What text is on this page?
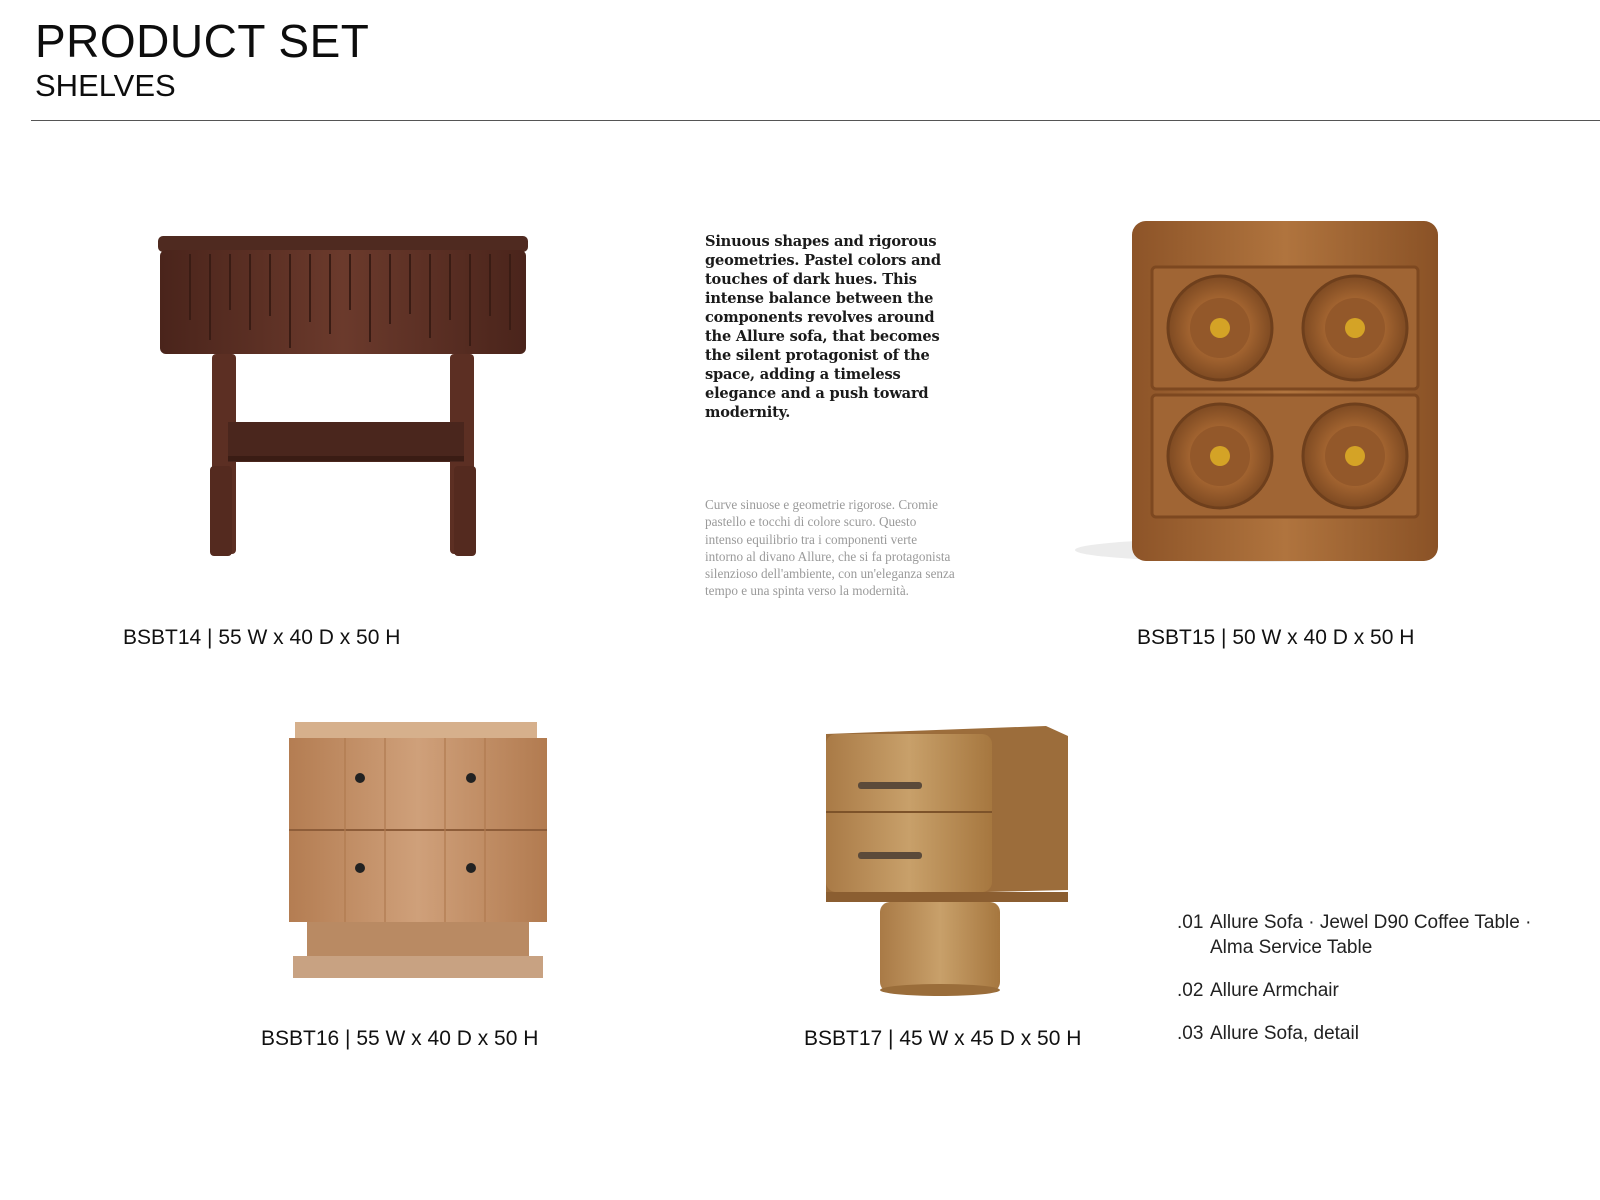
PRODUCT SET
SHELVES
BSBT14 | 55 W x 40 D x 50 H
Sinuous shapes and rigorous geometries. Pastel colors and touches of dark hues. This intense balance between the components revolves around the Allure sofa, that becomes the silent protagonist of the space, adding a timeless elegance and a push toward modernity.
Curve sinuose e geometrie rigorose. Cromie pastello e tocchi di colore scuro. Questo intenso equilibrio tra i componenti verte intorno al divano Allure, che si fa protagonista silenzioso dell'ambiente, con un'eleganza senza tempo e una spinta verso la modernità.
BSBT15 | 50 W x 40 D x 50 H
BSBT16 | 55 W x 40 D x 50 H	BSBT17 | 45 W x 45 D x 50 H
.01 Allure Sofa · Jewel D90 Coffee Table ·
Alma Service Table
.02 Allure Armchair
.03 Allure Sofa, detail
